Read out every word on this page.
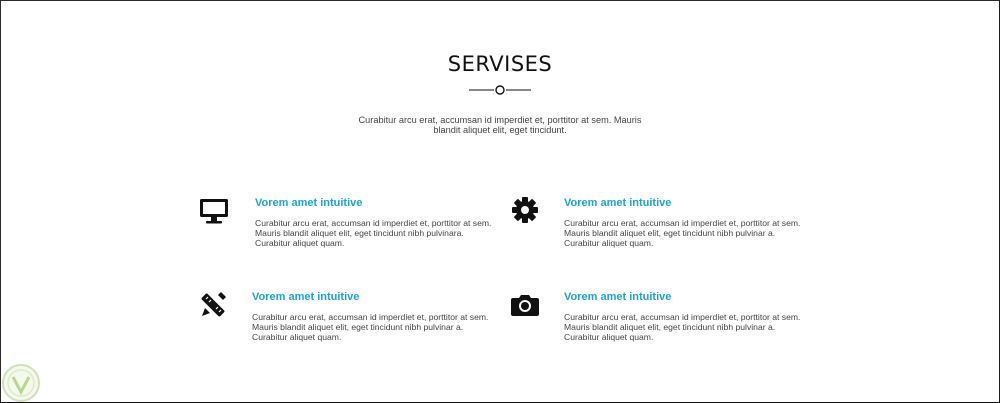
SERVISES
Curabitur arcu erat, accumsan id imperdiet et, porttitor at sem. Mauris blandit aliquet elit, eget tincidunt.
Vorem amet intuitive
Curabitur arcu erat, accumsan id imperdiet et, porttitor at sem. Mauris blandit aliquet elit, eget tincidunt nibh pulvinara. Curabitur aliquet quam.
Vorem amet intuitive
Curabitur arcu erat, accumsan id imperdiet et, porttitor at sem. Mauris blandit aliquet elit, eget tincidunt nibh pulvinar a. Curabitur aliquet quam.
Vorem amet intuitive
Curabitur arcu erat, accumsan id imperdiet et, porttitor at sem. Mauris blandit aliquet elit, eget tincidunt nibh pulvinar a. Curabitur aliquet quam.
Vorem amet intuitive
Curabitur arcu erat, accumsan id imperdiet et, porttitor at sem. Mauris blandit aliquet elit, eget tincidunt nibh pulvinar a. Curabitur aliquet quam.
